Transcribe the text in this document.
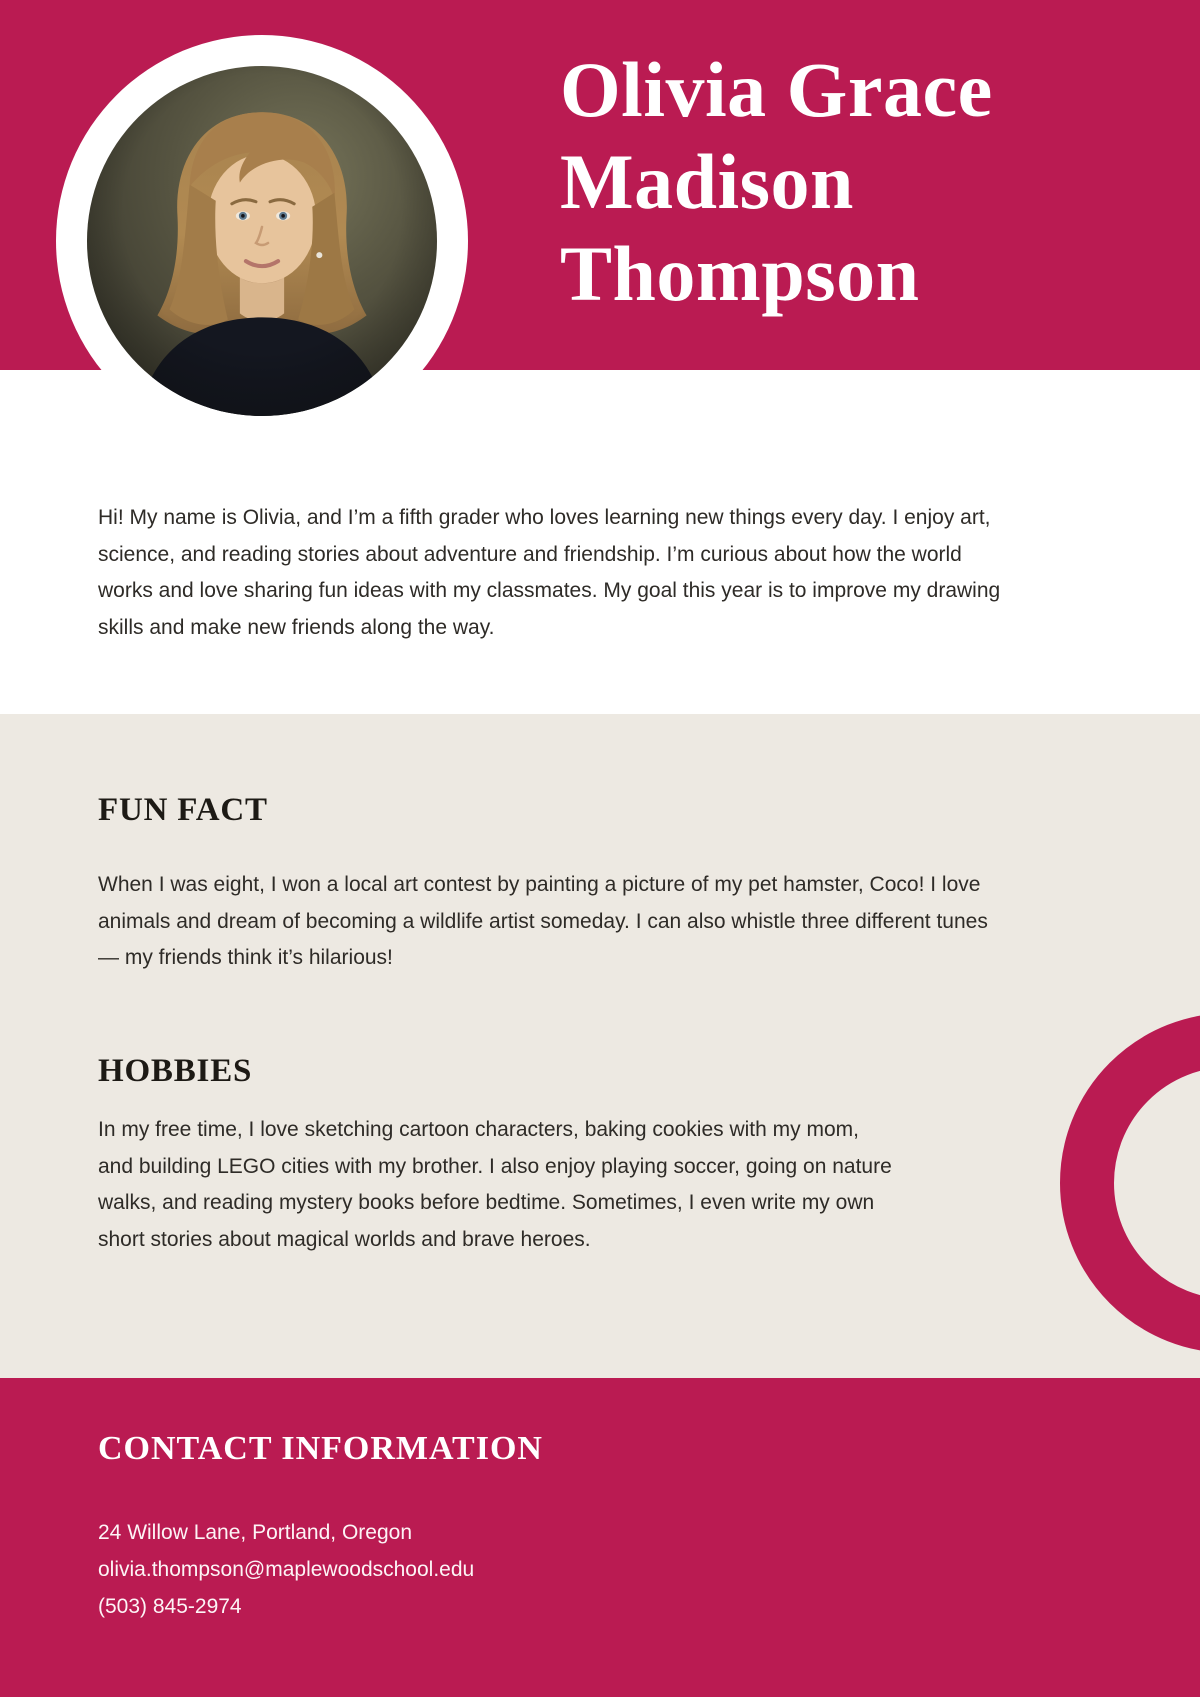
Olivia Grace
Madison
Thompson

Hi! My name is Olivia, and I’m a fifth grader who loves learning new things every day. I enjoy art, science, and reading stories about adventure and friendship. I’m curious about how the world works and love sharing fun ideas with my classmates. My goal this year is to improve my drawing skills and make new friends along the way.

FUN FACT

When I was eight, I won a local art contest by painting a picture of my pet hamster, Coco! I love animals and dream of becoming a wildlife artist someday. I can also whistle three different tunes — my friends think it’s hilarious!

HOBBIES

In my free time, I love sketching cartoon characters, baking cookies with my mom, and building LEGO cities with my brother. I also enjoy playing soccer, going on nature walks, and reading mystery books before bedtime. Sometimes, I even write my own short stories about magical worlds and brave heroes.

CONTACT INFORMATION
24 Willow Lane, Portland, Oregon
olivia.thompson@maplewoodschool.edu
(503) 845-2974
